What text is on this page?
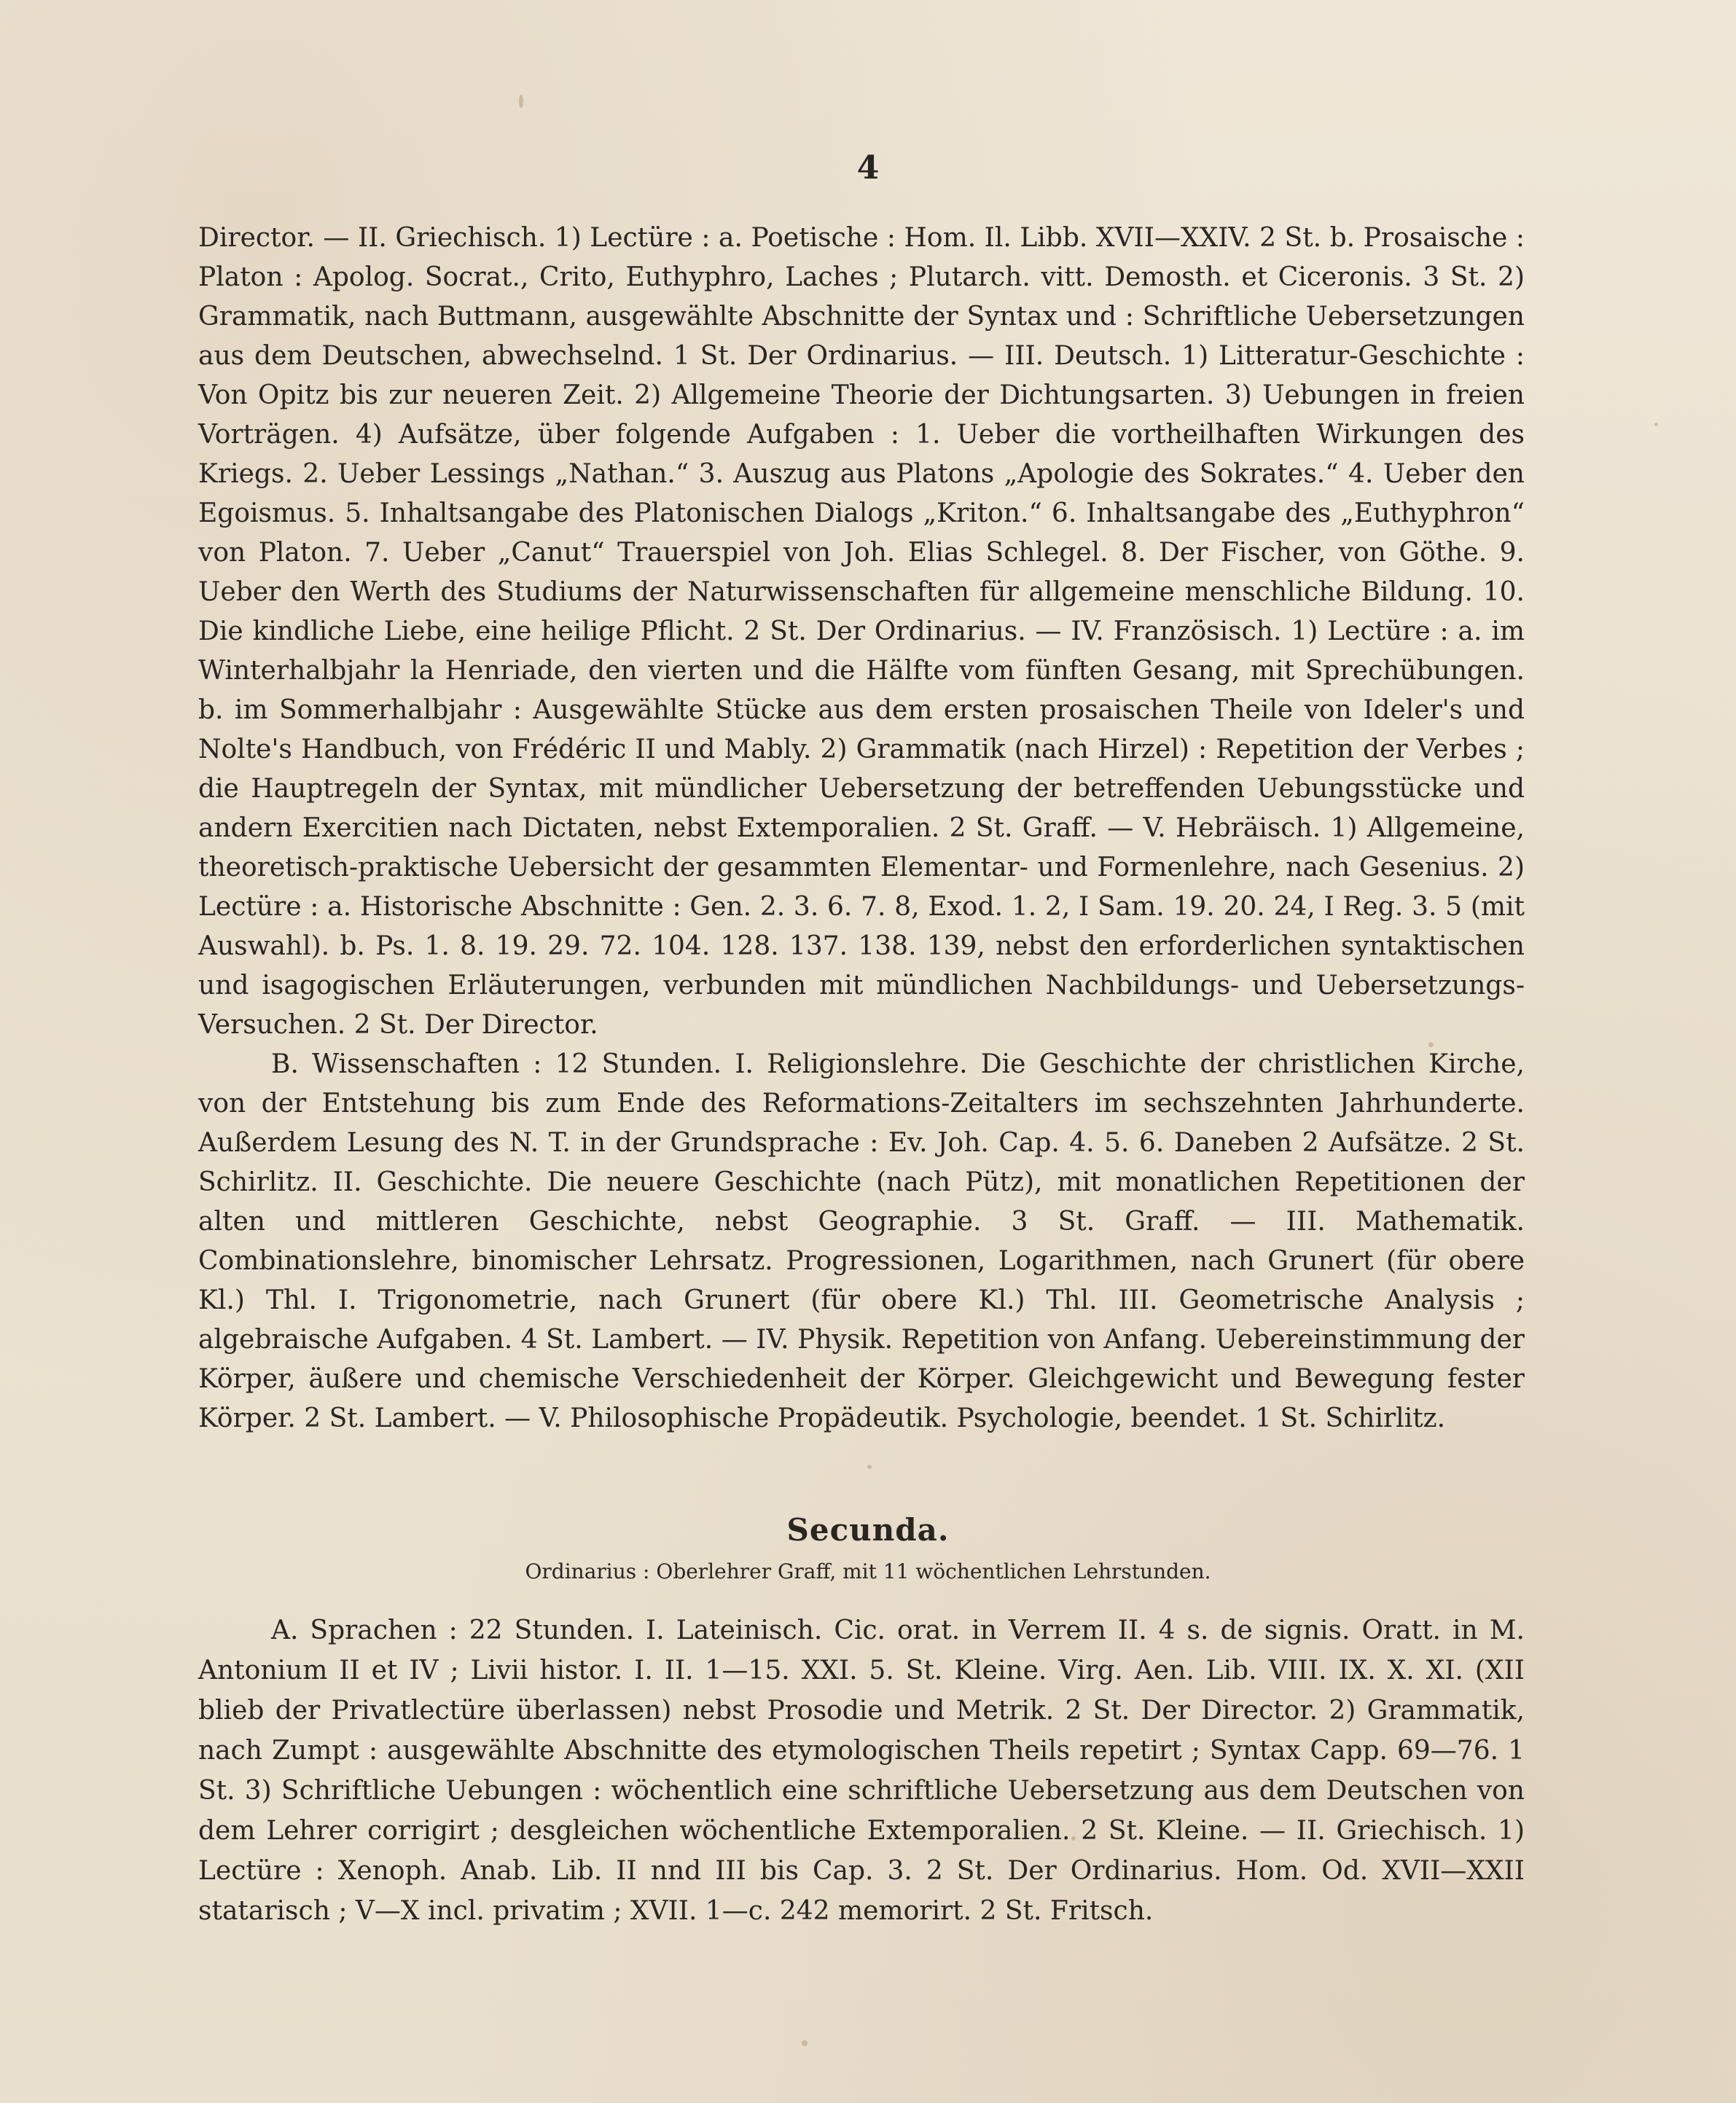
4

Director. — II. Griechisch. 1) Lectüre : a. Poetische : Hom. Il. Libb. XVII—XXIV. 2 St. b. Prosaische : Platon : Apolog. Socrat., Crito, Euthyphro, Laches ; Plutarch. vitt. Demosth. et Ciceronis. 3 St. 2) Grammatik, nach Buttmann, ausgewählte Abschnitte der Syntax und : Schriftliche Uebersetzungen aus dem Deutschen, abwechselnd. 1 St. Der Ordinarius. — III. Deutsch. 1) Litteratur-Geschichte : Von Opitz bis zur neueren Zeit. 2) Allgemeine Theorie der Dichtungsarten. 3) Uebungen in freien Vorträgen. 4) Aufsätze, über folgende Aufgaben : 1. Ueber die vortheilhaften Wirkungen des Kriegs. 2. Ueber Lessings „Nathan.“ 3. Auszug aus Platons „Apologie des Sokrates.“ 4. Ueber den Egoismus. 5. Inhaltsangabe des Platonischen Dialogs „Kriton.“ 6. Inhaltsangabe des „Euthyphron“ von Platon. 7. Ueber „Canut“ Trauerspiel von Joh. Elias Schlegel. 8. Der Fischer, von Göthe. 9. Ueber den Werth des Studiums der Naturwissenschaften für allgemeine menschliche Bildung. 10. Die kindliche Liebe, eine heilige Pflicht. 2 St. Der Ordinarius. — IV. Französisch. 1) Lectüre : a. im Winterhalbjahr la Henriade, den vierten und die Hälfte vom fünften Gesang, mit Sprechübungen. b. im Sommerhalbjahr : Ausgewählte Stücke aus dem ersten prosaischen Theile von Ideler's und Nolte's Handbuch, von Frédéric II und Mably. 2) Grammatik (nach Hirzel) : Repetition der Verbes ; die Hauptregeln der Syntax, mit mündlicher Uebersetzung der betreffenden Uebungsstücke und andern Exercitien nach Dictaten, nebst Extemporalien. 2 St. Graff. — V. Hebräisch. 1) Allgemeine, theoretisch-praktische Uebersicht der gesammten Elementar- und Formenlehre, nach Gesenius. 2) Lectüre : a. Historische Abschnitte : Gen. 2. 3. 6. 7. 8, Exod. 1. 2, I Sam. 19. 20. 24, I Reg. 3. 5 (mit Auswahl). b. Ps. 1. 8. 19. 29. 72. 104. 128. 137. 138. 139, nebst den erforderlichen syntaktischen und isagogischen Erläuterungen, verbunden mit mündlichen Nachbildungs- und Uebersetzungs-Versuchen. 2 St. Der Director.

B. Wissenschaften : 12 Stunden. I. Religionslehre. Die Geschichte der christlichen Kirche, von der Entstehung bis zum Ende des Reformations-Zeitalters im sechszehnten Jahrhunderte. Außerdem Lesung des N. T. in der Grundsprache : Ev. Joh. Cap. 4. 5. 6. Daneben 2 Aufsätze. 2 St. Schirlitz. II. Geschichte. Die neuere Geschichte (nach Pütz), mit monatlichen Repetitionen der alten und mittleren Geschichte, nebst Geographie. 3 St. Graff. — III. Mathematik. Combinationslehre, binomischer Lehrsatz. Progressionen, Logarithmen, nach Grunert (für obere Kl.) Thl. I. Trigonometrie, nach Grunert (für obere Kl.) Thl. III. Geometrische Analysis ; algebraische Aufgaben. 4 St. Lambert. — IV. Physik. Repetition von Anfang. Uebereinstimmung der Körper, äußere und chemische Verschiedenheit der Körper. Gleichgewicht und Bewegung fester Körper. 2 St. Lambert. — V. Philosophische Propädeutik. Psychologie, beendet. 1 St. Schirlitz.

Secunda.
Ordinarius : Oberlehrer Graff, mit 11 wöchentlichen Lehrstunden.

A. Sprachen : 22 Stunden. I. Lateinisch. Cic. orat. in Verrem II. 4 s. de signis. Oratt. in M. Antonium II et IV ; Livii histor. I. II. 1—15. XXI. 5. St. Kleine. Virg. Aen. Lib. VIII. IX. X. XI. (XII blieb der Privatlectüre überlassen) nebst Prosodie und Metrik. 2 St. Der Director. 2) Grammatik, nach Zumpt : ausgewählte Abschnitte des etymologischen Theils repetirt ; Syntax Capp. 69—76. 1 St. 3) Schriftliche Uebungen : wöchentlich eine schriftliche Uebersetzung aus dem Deutschen von dem Lehrer corrigirt ; desgleichen wöchentliche Extemporalien. 2 St. Kleine. — II. Griechisch. 1) Lectüre : Xenoph. Anab. Lib. II nnd III bis Cap. 3. 2 St. Der Ordinarius. Hom. Od. XVII—XXII statarisch ; V—X incl. privatim ; XVII. 1—c. 242 memorirt. 2 St. Fritsch.
